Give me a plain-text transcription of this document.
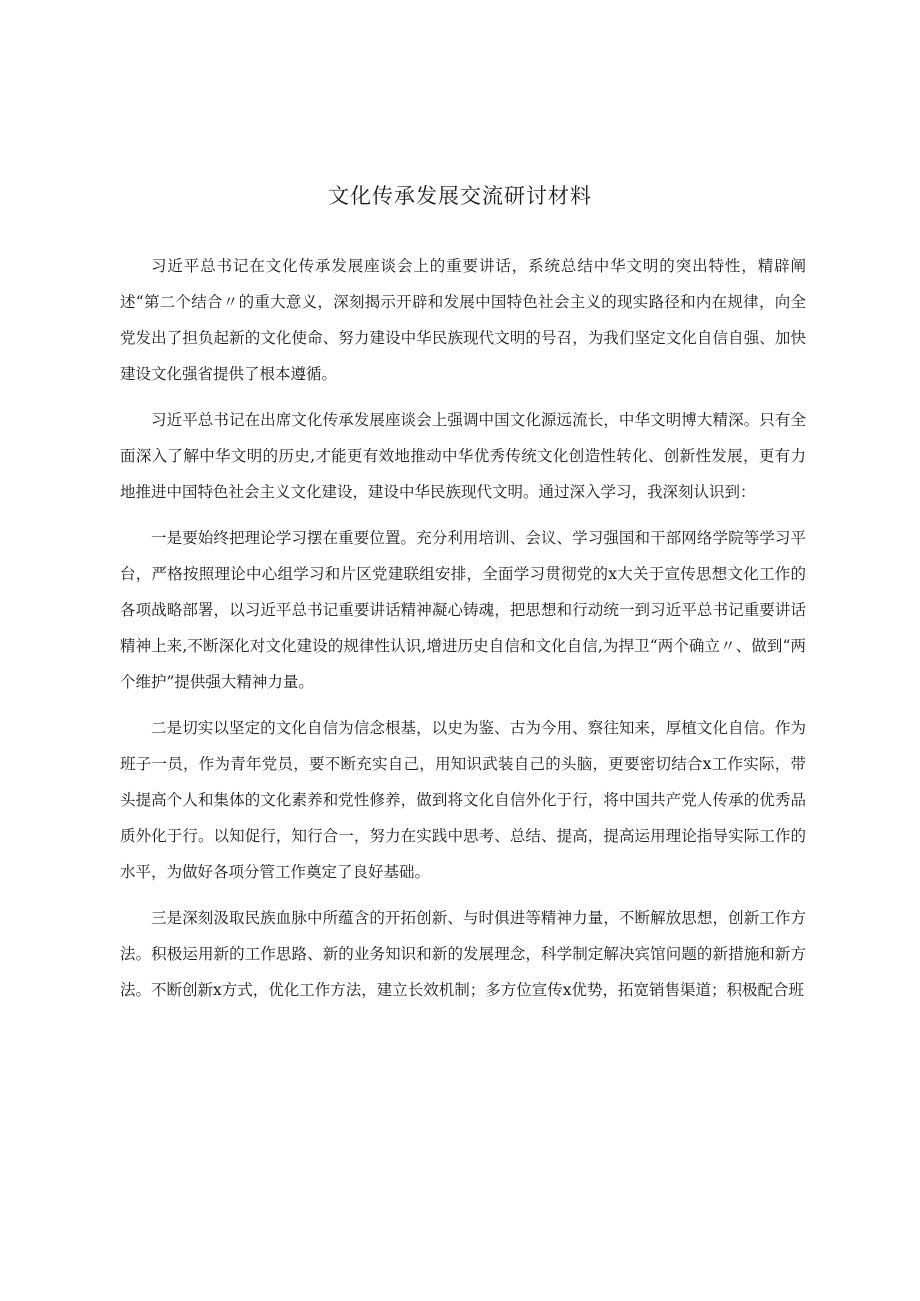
文化传承发展交流研讨材料

习近平总书记在文化传承发展座谈会上的重要讲话，系统总结中华文明的突出特性，精辟阐述“第二个结合〃的重大意义，深刻揭示开辟和发展中国特色社会主义的现实路径和内在规律，向全党发出了担负起新的文化使命、努力建设中华民族现代文明的号召，为我们坚定文化自信自强、加快建设文化强省提供了根本遵循。

习近平总书记在出席文化传承发展座谈会上强调中国文化源远流长，中华文明博大精深。只有全面深入了解中华文明的历史,才能更有效地推动中华优秀传统文化创造性转化、创新性发展，更有力地推进中国特色社会主义文化建设，建设中华民族现代文明。通过深入学习，我深刻认识到：

一是要始终把理论学习摆在重要位置。充分利用培训、会议、学习强国和干部网络学院等学习平台，严格按照理论中心组学习和片区党建联组安排，全面学习贯彻党的x大关于宣传思想文化工作的各项战略部署，以习近平总书记重要讲话精神凝心铸魂，把思想和行动统一到习近平总书记重要讲话精神上来,不断深化对文化建设的规律性认识,增进历史自信和文化自信,为捍卫“两个确立〃、做到“两个维护”提供强大精神力量。

二是切实以坚定的文化自信为信念根基，以史为鉴、古为今用、察往知来，厚植文化自信。作为班子一员，作为青年党员，要不断充实自己，用知识武装自己的头脑，更要密切结合x工作实际，带头提高个人和集体的文化素养和党性修养，做到将文化自信外化于行，将中国共产党人传承的优秀品质外化于行。以知促行，知行合一，努力在实践中思考、总结、提高，提高运用理论指导实际工作的水平，为做好各项分管工作奠定了良好基础。

三是深刻汲取民族血脉中所蕴含的开拓创新、与时俱进等精神力量，不断解放思想，创新工作方法。积极运用新的工作思路、新的业务知识和新的发展理念，科学制定解决宾馆问题的新措施和新方法。不断创新x方式，优化工作方法，建立长效机制；多方位宣传x优势，拓宽销售渠道；积极配合班
